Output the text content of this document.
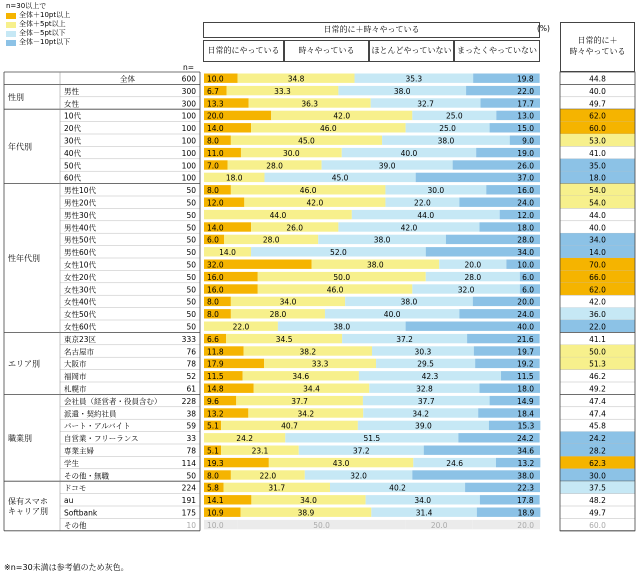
n=30以上で
全体＋10pt以上
全体＋5pt以上
全体－5pt以下
全体－10pt以下
日常的に＋時々やっている
日常的にやっている	時々やっている	ほとんどやっていない まったくやっていない
n=
(%)
日常的に＋
時々やっている
全体	600 10.0	34.8	35.3	19.8	44.8
男性	300 6.7	33.3	38.0	22.0	40.0
女性	300 13.3	36.3	32.7	17.7	49.7
性別
10代	100 20.0	42.0	25.0	13.0	62.0
20代	100 14.0	46.0	25.0	15.0	60.0
30代	100 8.0	45.0	38.0	9.0	53.0
40代	100 11.0	30.0	40.0	19.0	41.0
50代	100 7.0	28.0	39.0	26.0	35.0
60代	100	18.0	45.0	37.0	18.0
年代別
男性10代	50 8.0	46.0	30.0	16.0	54.0
男性20代	50 12.0	42.0	22.0	24.0	54.0
男性30代	50	44.0	44.0	12.0	44.0
男性40代	50 14.0	26.0	42.0	18.0	40.0
男性50代	50 6.0	28.0	38.0	28.0	34.0
男性60代	50	14.0	52.0	34.0	14.0
女性10代	50 32.0	38.0	20.0	10.0	70.0
女性20代	50 16.0	50.0	28.0	6.0	66.0
女性30代	50 16.0	46.0	32.0	6.0	62.0
女性40代	50 8.0	34.0	38.0	20.0	42.0
女性50代	50 8.0	28.0	40.0	24.0	36.0
女性60代	50	22.0	38.0	40.0	22.0
性年代別
東京23区	333 6.6	34.5	37.2	21.6	41.1
名古屋市	76 11.8	38.2	30.3	19.7	50.0
大阪市	78 17.9	33.3	29.5	19.2	51.3
福岡市	52 11.5	34.6	42.3	11.5	46.2
札幌市	61 14.8	34.4	32.8	18.0	49.2
エリア別
会社員（経営者・役員含む）	228 9.6	37.7	37.7	14.9	47.4
派遣・契約社員	38 13.2	34.2	34.2	18.4	47.4
パート・アルバイト	59 5.1	40.7	39.0	15.3	45.8
自営業・フリーランス	33	24.2	51.5	24.2	24.2
専業主婦	78 5.1	23.1	37.2	34.6	28.2
学生	114 19.3	43.0	24.6	13.2	62.3
その他・無職	50 8.0	22.0	32.0	38.0	30.0
職業別
ドコモ	224 5.8	31.7	40.2	22.3	37.5
au	191 14.1	34.0	34.0	17.8	48.2
Softbank	175 10.9	38.9	31.4	18.9	49.7
その他	10 10.0	50.0	20.0	20.0	60.0
保有スマホ
キャリア別
※n=30未満は参考値のため灰色。
